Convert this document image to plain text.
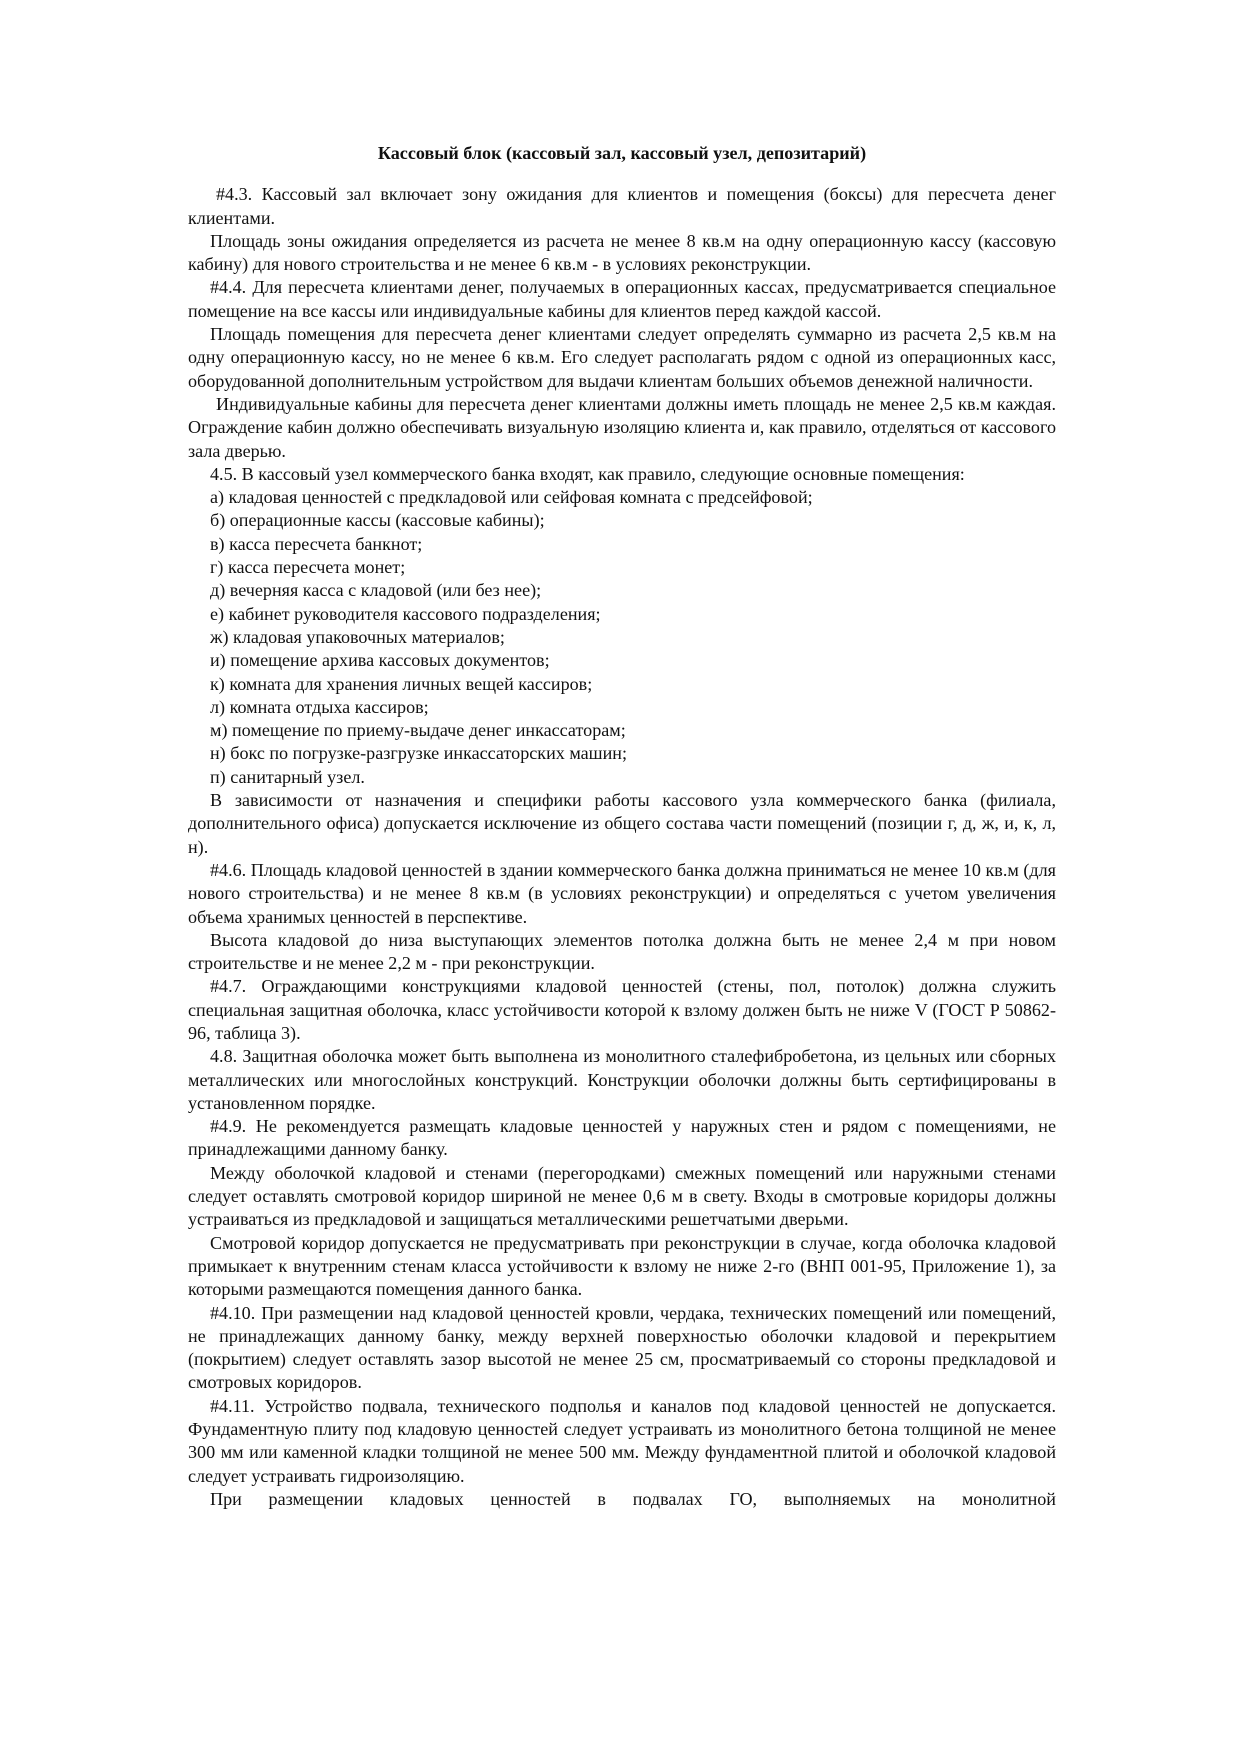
Кассовый блок (кассовый зал, кассовый узел, депозитарий)

#4.3. Кассовый зал включает зону ожидания для клиентов и помещения (боксы) для пересчета денег клиентами.

Площадь зоны ожидания определяется из расчета не менее 8 кв.м на одну операционную кассу (кассовую кабину) для нового строительства и не менее 6 кв.м - в условиях реконструкции.

#4.4. Для пересчета клиентами денег, получаемых в операционных кассах, предусматривается специальное помещение на все кассы или индивидуальные кабины для клиентов перед каждой кассой.

Площадь помещения для пересчета денег клиентами следует определять суммарно из расчета 2,5 кв.м на одну операционную кассу, но не менее 6 кв.м. Его следует располагать рядом с одной из операционных касс, оборудованной дополнительным устройством для выдачи клиентам больших объемов денежной наличности.

Индивидуальные кабины для пересчета денег клиентами должны иметь площадь не менее 2,5 кв.м каждая. Ограждение кабин должно обеспечивать визуальную изоляцию клиента и, как правило, отделяться от кассового зала дверью.

4.5. В кассовый узел коммерческого банка входят, как правило, следующие основные помещения:

а) кладовая ценностей с предкладовой или сейфовая комната с предсейфовой;

б) операционные кассы (кассовые кабины);

в) касса пересчета банкнот;

г) касса пересчета монет;

д) вечерняя касса с кладовой (или без нее);

е) кабинет руководителя кассового подразделения;

ж) кладовая упаковочных материалов;

и) помещение архива кассовых документов;

к) комната для хранения личных вещей кассиров;

л) комната отдыха кассиров;

м) помещение по приему-выдаче денег инкассаторам;

н) бокс по погрузке-разгрузке инкассаторских машин;

п) санитарный узел.

В зависимости от назначения и специфики работы кассового узла коммерческого банка (филиала, дополнительного офиса) допускается исключение из общего состава части помещений (позиции г, д, ж, и, к, л, н).

#4.6. Площадь кладовой ценностей в здании коммерческого банка должна приниматься не менее 10 кв.м (для нового строительства) и не менее 8 кв.м (в условиях реконструкции) и определяться с учетом увеличения объема хранимых ценностей в перспективе.

Высота кладовой до низа выступающих элементов потолка должна быть не менее 2,4 м при новом строительстве и не менее 2,2 м - при реконструкции.

#4.7. Ограждающими конструкциями кладовой ценностей (стены, пол, потолок) должна служить специальная защитная оболочка, класс устойчивости которой к взлому должен быть не ниже V (ГОСТ Р 50862-96, таблица 3).

4.8. Защитная оболочка может быть выполнена из монолитного сталефибробетона, из цельных или сборных металлических или многослойных конструкций. Конструкции оболочки должны быть сертифицированы в установленном порядке.

#4.9. Не рекомендуется размещать кладовые ценностей у наружных стен и рядом с помещениями, не принадлежащими данному банку.

Между оболочкой кладовой и стенами (перегородками) смежных помещений или наружными стенами следует оставлять смотровой коридор шириной не менее 0,6 м в свету. Входы в смотровые коридоры должны устраиваться из предкладовой и защищаться металлическими решетчатыми дверьми.

Смотровой коридор допускается не предусматривать при реконструкции в случае, когда оболочка кладовой примыкает к внутренним стенам класса устойчивости к взлому не ниже 2-го (ВНП 001-95, Приложение 1), за которыми размещаются помещения данного банка.

#4.10. При размещении над кладовой ценностей кровли, чердака, технических помещений или помещений, не принадлежащих данному банку, между верхней поверхностью оболочки кладовой и перекрытием (покрытием) следует оставлять зазор высотой не менее 25 см, просматриваемый со стороны предкладовой и смотровых коридоров.

#4.11. Устройство подвала, технического подполья и каналов под кладовой ценностей не допускается. Фундаментную плиту под кладовую ценностей следует устраивать из монолитного бетона толщиной не менее 300 мм или каменной кладки толщиной не менее 500 мм. Между фундаментной плитой и оболочкой кладовой следует устраивать гидроизоляцию.

При размещении кладовых ценностей в подвалах ГО, выполняемых на монолитной
